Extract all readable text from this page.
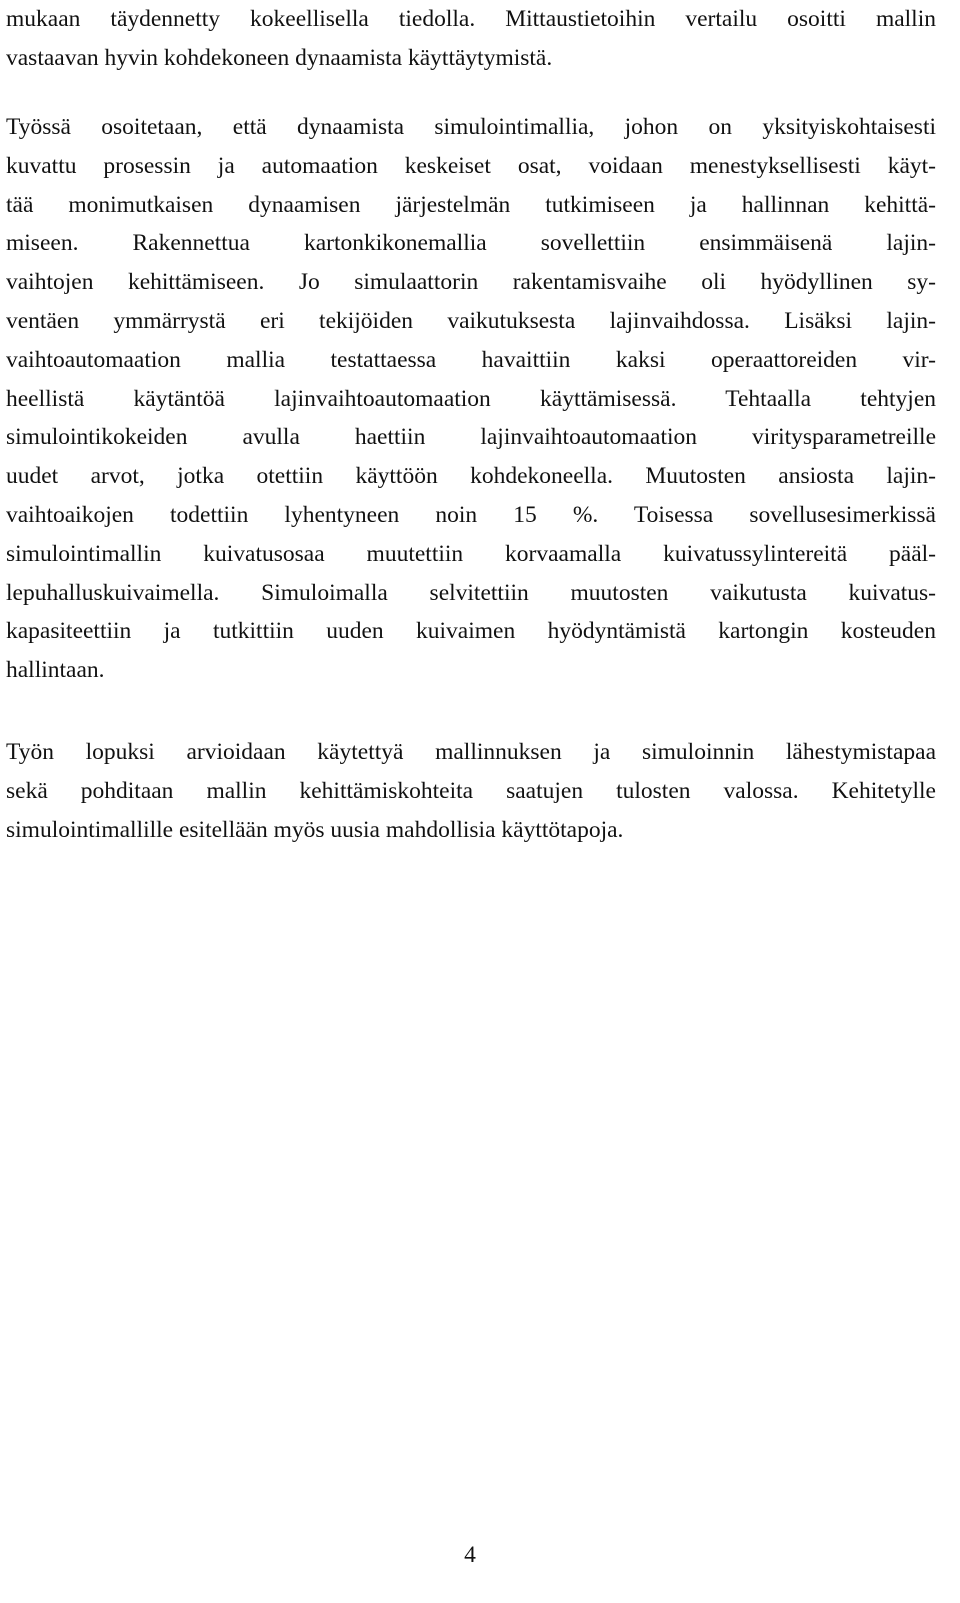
mukaan täydennetty kokeellisella tiedolla. Mittaustietoihin vertailu osoitti mallin
vastaavan hyvin kohdekoneen dynaamista käyttäytymistä.

Työssä osoitetaan, että dynaamista simulointimallia, johon on yksityiskohtaisesti
kuvattu prosessin ja automaation keskeiset osat, voidaan menestyksellisesti käyt-
tää monimutkaisen dynaamisen järjestelmän tutkimiseen ja hallinnan kehittä-
miseen. Rakennettua kartonkikonemallia sovellettiin ensimmäisenä lajin-
vaihtojen kehittämiseen. Jo simulaattorin rakentamisvaihe oli hyödyllinen sy-
ventäen ymmärrystä eri tekijöiden vaikutuksesta lajinvaihdossa. Lisäksi lajin-
vaihtoautomaation mallia testattaessa havaittiin kaksi operaattoreiden vir-
heellistä käytäntöä lajinvaihtoautomaation käyttämisessä. Tehtaalla tehtyjen
simulointikokeiden avulla haettiin lajinvaihtoautomaation viritysparametreille
uudet arvot, jotka otettiin käyttöön kohdekoneella. Muutosten ansiosta lajin-
vaihtoaikojen todettiin lyhentyneen noin 15 %. Toisessa sovellusesimerkissä
simulointimallin kuivatusosaa muutettiin korvaamalla kuivatussylintereitä pääl-
lepuhalluskuivaimella. Simuloimalla selvitettiin muutosten vaikutusta kuivatus-
kapasiteettiin ja tutkittiin uuden kuivaimen hyödyntämistä kartongin kosteuden
hallintaan.

Työn lopuksi arvioidaan käytettyä mallinnuksen ja simuloinnin lähestymistapaa
sekä pohditaan mallin kehittämiskohteita saatujen tulosten valossa. Kehitetylle
simulointimallille esitellään myös uusia mahdollisia käyttötapoja.

4
